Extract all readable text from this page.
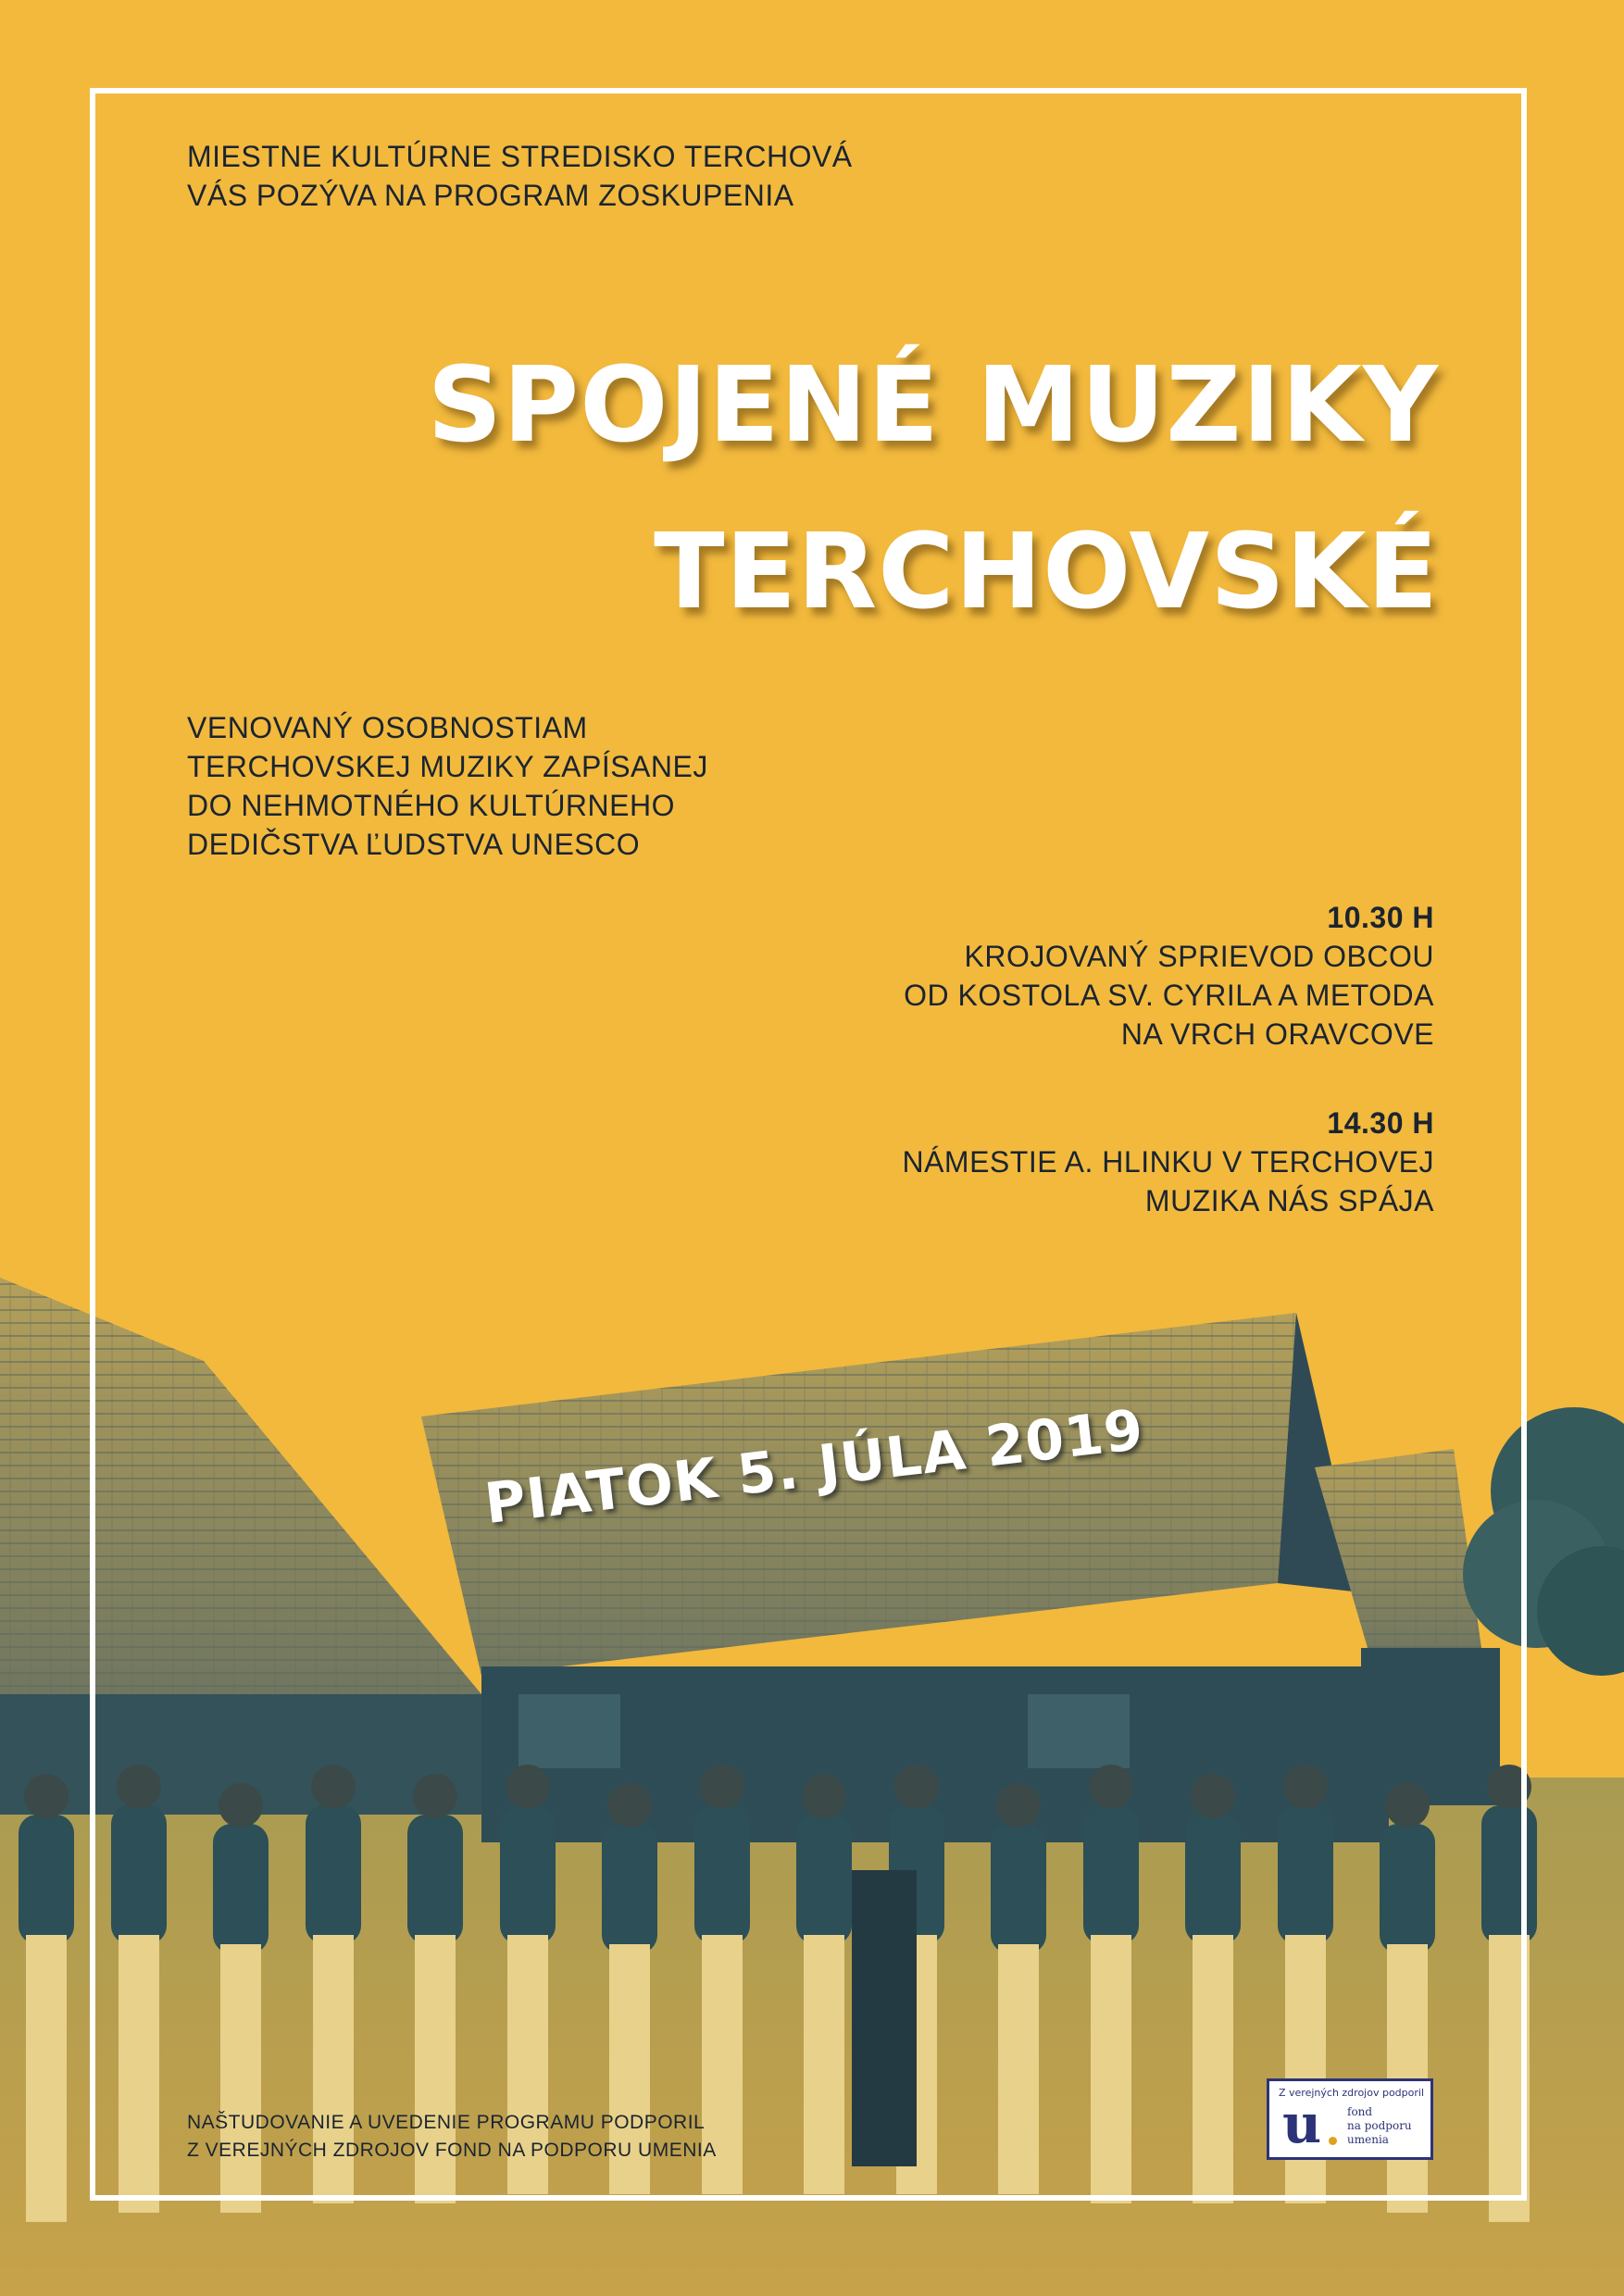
MIESTNE KULTÚRNE STREDISKO TERCHOVÁ
VÁS POZÝVA NA PROGRAM ZOSKUPENIA
SPOJENÉ MUZIKY
TERCHOVSKÉ
VENOVANÝ OSOBNOSTIAM
TERCHOVSKEJ MUZIKY ZAPÍSANEJ
DO NEHMOTNÉHO KULTÚRNEHO
DEDIČSTVA ĽUDSTVA UNESCO
10.30 H
KROJOVANÝ SPRIEVOD OBCOU
OD KOSTOLA SV. CYRILA A METODA
NA VRCH ORAVCOVE
14.30 H
NÁMESTIE A. HLINKU V TERCHOVEJ
MUZIKA NÁS SPÁJA
PIATOK 5. JÚLA 2019
NAŠTUDOVANIE A UVEDENIE PROGRAMU PODPORIL
Z VEREJNÝCH ZDROJOV FOND NA PODPORU UMENIA
Z verejných zdrojov podporil
u fond
na podporu
umenia
